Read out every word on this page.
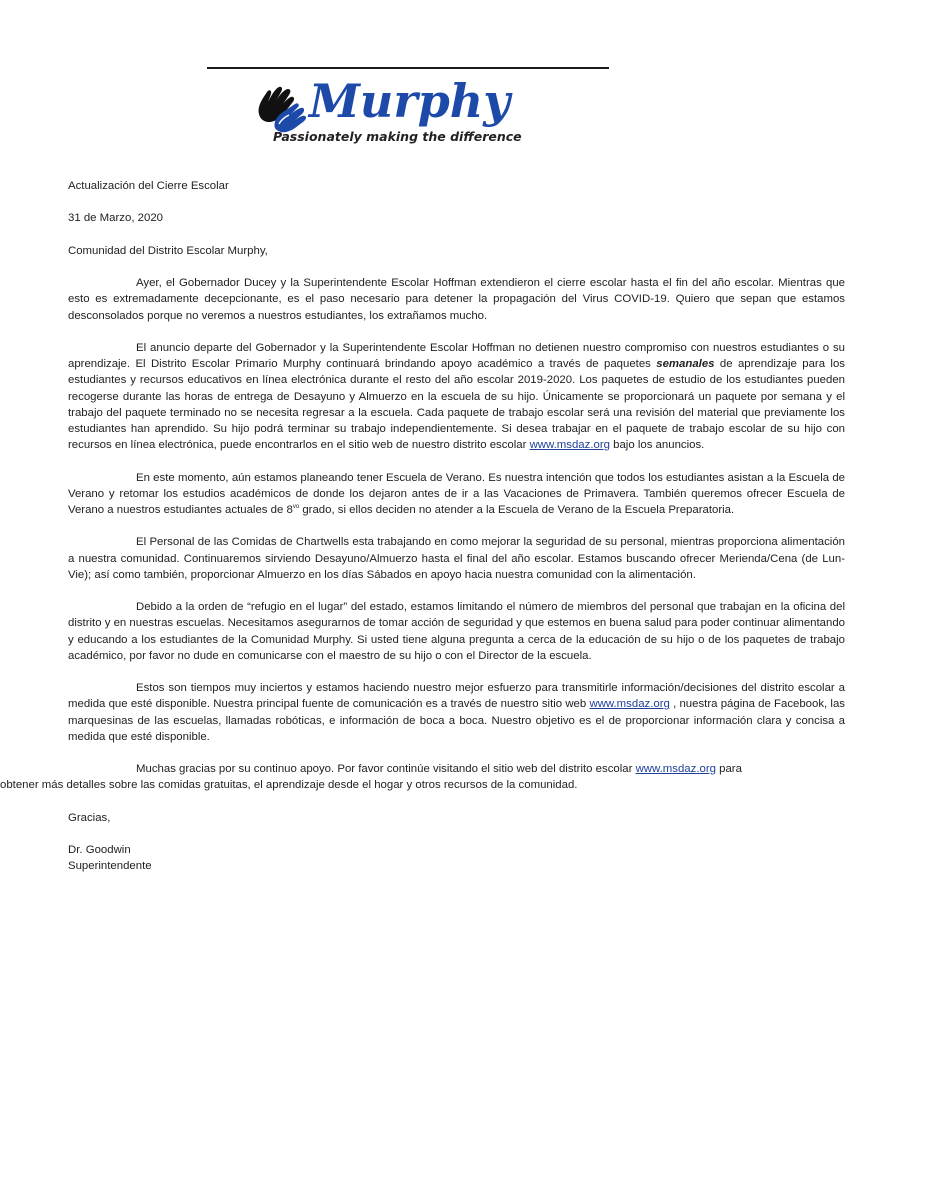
Murphy
Passionately making the difference

Actualización del Cierre Escolar

31 de Marzo, 2020

Comunidad del Distrito Escolar Murphy,

Ayer, el Gobernador Ducey y la Superintendente Escolar Hoffman extendieron el cierre escolar hasta el fin del año escolar. Mientras que esto es extremadamente decepcionante, es el paso necesario para detener la propagación del Virus COVID-19. Quiero que sepan que estamos desconsolados porque no veremos a nuestros estudiantes, los extrañamos mucho.

El anuncio departe del Gobernador y la Superintendente Escolar Hoffman no detienen nuestro compromiso con nuestros estudiantes o su aprendizaje. El Distrito Escolar Primario Murphy continuará brindando apoyo académico a través de paquetes semanales de aprendizaje para los estudiantes y recursos educativos en línea electrónica durante el resto del año escolar 2019-2020. Los paquetes de estudio de los estudiantes pueden recogerse durante las horas de entrega de Desayuno y Almuerzo en la escuela de su hijo. Únicamente se proporcionará un paquete por semana y el trabajo del paquete terminado no se necesita regresar a la escuela. Cada paquete de trabajo escolar será una revisión del material que previamente los estudiantes han aprendido. Su hijo podrá terminar su trabajo independientemente. Si desea trabajar en el paquete de trabajo escolar de su hijo con recursos en línea electrónica, puede encontrarlos en el sitio web de nuestro distrito escolar www.msdaz.org bajo los anuncios.

En este momento, aún estamos planeando tener Escuela de Verano. Es nuestra intención que todos los estudiantes asistan a la Escuela de Verano y retomar los estudios académicos de donde los dejaron antes de ir a las Vacaciones de Primavera. También queremos ofrecer Escuela de Verano a nuestros estudiantes actuales de $8^{vo}$ grado, si ellos deciden no atender a la Escuela de Verano de la Escuela Preparatoria.

El Personal de las Comidas de Chartwells esta trabajando en como mejorar la seguridad de su personal, mientras proporciona alimentación a nuestra comunidad. Continuaremos sirviendo Desayuno/Almuerzo hasta el final del año escolar. Estamos buscando ofrecer Merienda/Cena (de Lun-Vie); así como también, proporcionar Almuerzo en los días Sábados en apoyo hacia nuestra comunidad con la alimentación.

Debido a la orden de “refugio en el lugar” del estado, estamos limitando el número de miembros del personal que trabajan en la oficina del distrito y en nuestras escuelas. Necesitamos asegurarnos de tomar acción de seguridad y que estemos en buena salud para poder continuar alimentando y educando a los estudiantes de la Comunidad Murphy. Si usted tiene alguna pregunta a cerca de la educación de su hijo o de los paquetes de trabajo académico, por favor no dude en comunicarse con el maestro de su hijo o con el Director de la escuela.

Estos son tiempos muy inciertos y estamos haciendo nuestro mejor esfuerzo para transmitirle información/decisiones del distrito escolar a medida que esté disponible. Nuestra principal fuente de comunicación es a través de nuestro sitio web www.msdaz.org , nuestra página de Facebook, las marquesinas de las escuelas, llamadas robóticas, e información de boca a boca. Nuestro objetivo es el de proporcionar información clara y concisa a medida que esté disponible.

Muchas gracias por su continuo apoyo. Por favor continúe visitando el sitio web del distrito escolar www.msdaz.org para
obtener más detalles sobre las comidas gratuitas, el aprendizaje desde el hogar y otros recursos de la comunidad.

Gracias,

Dr. Goodwin

Superintendente
